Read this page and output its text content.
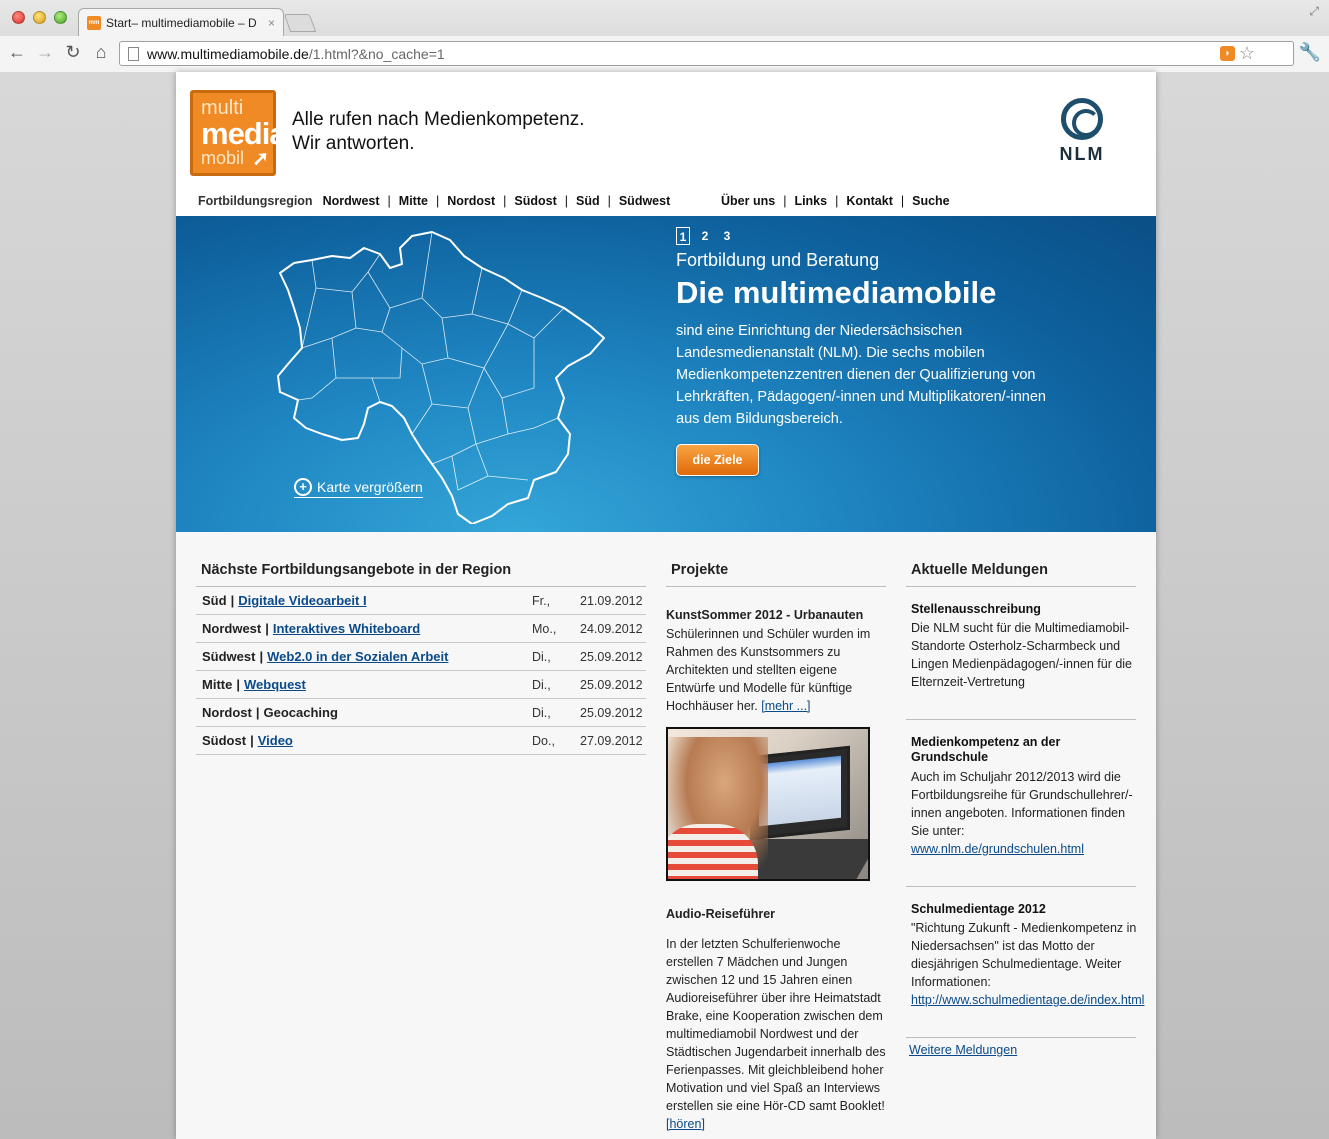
mm Start– multimediamobile – D ×
⤢
← → ↻ ⌂	www.multimediamobile.de /1.html?&no_cache=1	◗ ☆ 🔧
multi
media
mobil ➚
Alle rufen nach Medienkompetenz.
Wir antworten.	NLM
Fortbildungsregion Nordwest | Mitte | Nordost | Südost | Süd | Südwest	Über uns | Links | Kontakt | Suche
+ Karte vergrößern
1	2	3
Fortbildung und Beratung
Die multimediamobile
sind eine Einrichtung der Niedersächsischen Landesmedienanstalt (NLM). Die sechs mobilen Medienkompetenzzentren dienen der Qualifizierung von Lehrkräften, Pädagogen/-innen und Multiplikatoren/-innen aus dem Bildungsbereich.
die Ziele
Nächste Fortbildungsangebote in der Region
Süd | Digitale Videoarbeit I	Fr., 21.09.2012
Nordwest | Interaktives Whiteboard	Mo., 24.09.2012
Südwest | Web2.0 in der Sozialen Arbeit	Di., 25.09.2012
Mitte | Webquest	Di., 25.09.2012
Nordost | Geocaching	Di., 25.09.2012
Südost | Video	Do., 27.09.2012
Projekte
KunstSommer 2012 - Urbanauten
Schülerinnen und Schüler wurden im Rahmen des Kunstsommers zu Architekten und stellten eigene Entwürfe und Modelle für künftige Hochhäuser her. [mehr ...]
Audio-Reiseführer
In der letzten Schulferienwoche erstellen 7 Mädchen und Jungen zwischen 12 und 15 Jahren einen Audioreiseführer über ihre Heimatstadt Brake, eine Kooperation zwischen dem multimediamobil Nordwest und der Städtischen Jugendarbeit innerhalb des Ferienpasses. Mit gleichbleibend hoher Motivation und viel Spaß an Interviews erstellen sie eine Hör-CD samt Booklet! [hören]
Aktuelle Meldungen
Stellenausschreibung
Die NLM sucht für die Multimediamobil-Standorte Osterholz-Scharmbeck und Lingen Medienpädagogen/-innen für die Elternzeit-Vertretung
Medienkompetenz an der Grundschule
Auch im Schuljahr 2012/2013 wird die Fortbildungsreihe für Grundschullehrer/-innen angeboten. Informationen finden Sie unter:
www.nlm.de/grundschulen.html
Schulmedientage 2012
"Richtung Zukunft - Medienkompetenz in Niedersachsen" ist das Motto der diesjährigen Schulmedientage. Weiter Informationen:
http://www.schulmedientage.de/index.html
Weitere Meldungen
